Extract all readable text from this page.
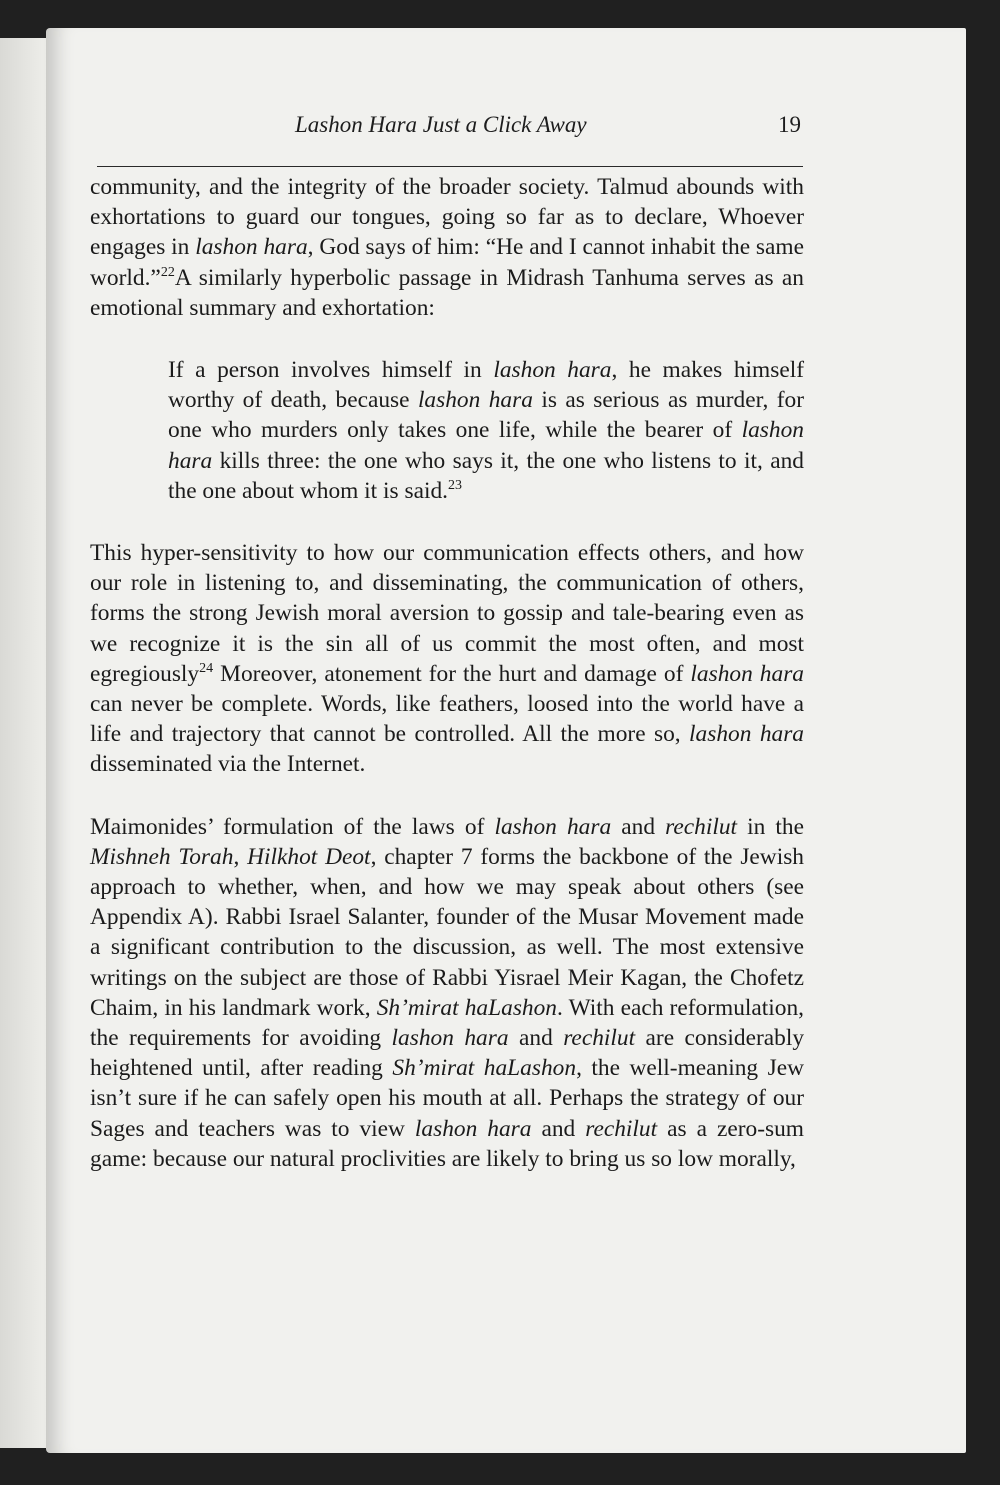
Lashon Hara Just a Click Away	19

community, and the integrity of the broader society. Talmud abounds with exhortations to guard our tongues, going so far as to declare, Whoever engages in lashon hara, God says of him: “He and I cannot inhabit the same world.”$^{22}$A similarly hyperbolic passage in Midrash Tanhuma serves as an emotional summary and exhortation:

If a person involves himself in lashon hara, he makes himself worthy of death, because lashon hara is as serious as murder, for one who murders only takes one life, while the bearer of lashon hara kills three: the one who says it, the one who listens to it, and the one about whom it is said.$^{23}$

This hyper-sensitivity to how our communication effects others, and how our role in listening to, and disseminating, the communication of others, forms the strong Jewish moral aversion to gossip and tale-bearing even as we recognize it is the sin all of us commit the most often, and most egregiously$^{24}$ Moreover, atonement for the hurt and damage of lashon hara can never be complete. Words, like feathers, loosed into the world have a life and trajectory that cannot be controlled. All the more so, lashon hara disseminated via the Internet.

Maimonides’ formulation of the laws of lashon hara and rechilut in the Mishneh Torah, Hilkhot Deot, chapter 7 forms the backbone of the Jewish approach to whether, when, and how we may speak about others (see Appendix A). Rabbi Israel Salanter, founder of the Musar Movement made a significant contribution to the discussion, as well. The most extensive writings on the subject are those of Rabbi Yisrael Meir Kagan, the Chofetz Chaim, in his landmark work, Sh’mirat haLashon. With each reformulation, the requirements for avoiding lashon hara and rechilut are considerably heightened until, after reading Sh’mirat haLashon, the well-meaning Jew isn’t sure if he can safely open his mouth at all. Perhaps the strategy of our Sages and teachers was to view lashon hara and rechilut as a zero-sum game: because our natural proclivities are likely to bring us so low morally,
